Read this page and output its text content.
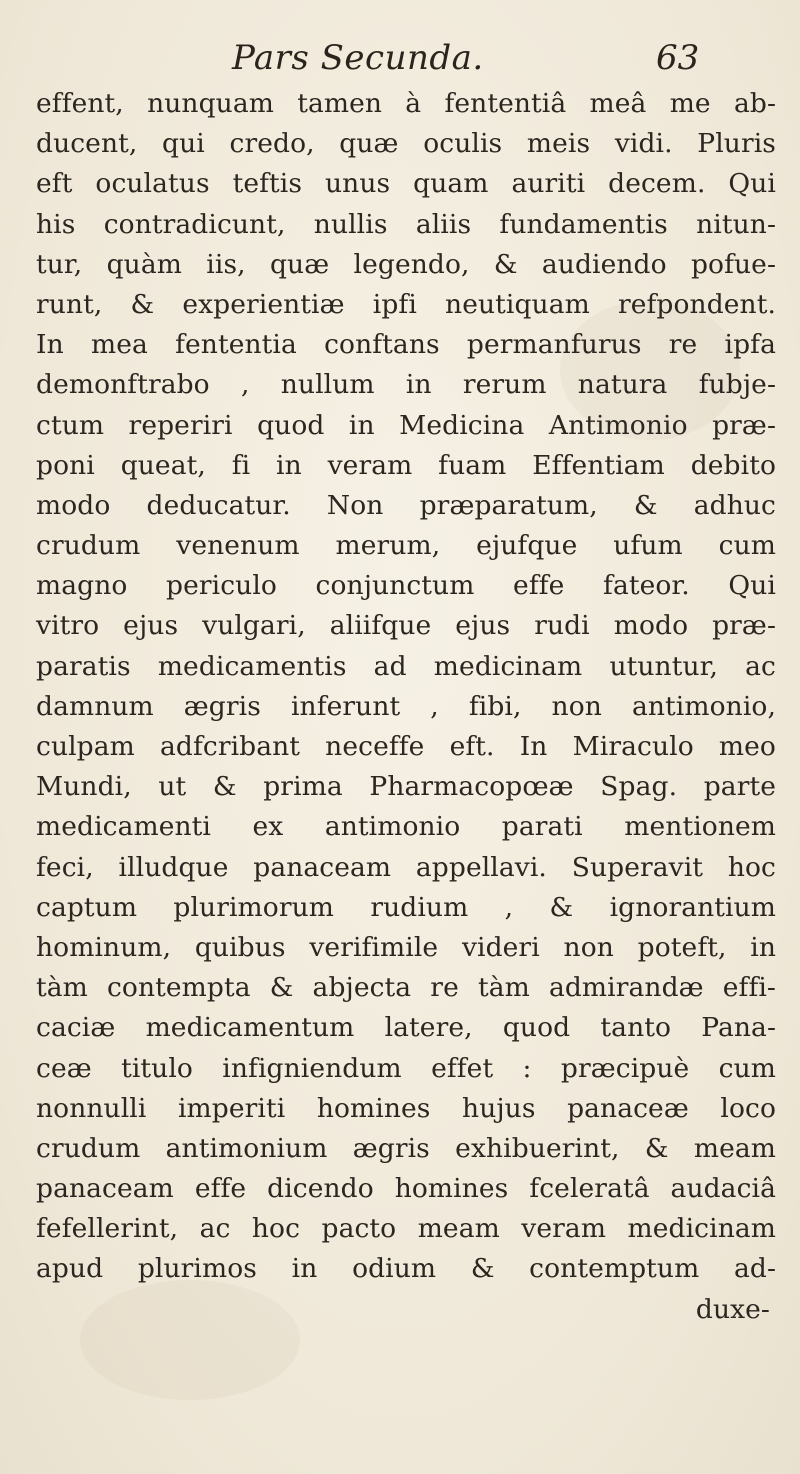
Pars Secunda.	63
effent, nunquam tamen à fententiâ meâ me ab-
ducent, qui credo, quæ oculis meis vidi. Pluris
eft oculatus teftis unus quam auriti decem. Qui
his contradicunt, nullis aliis fundamentis nitun-
tur, quàm iis, quæ legendo, & audiendo pofue-
runt, & experientiæ ipfi neutiquam refpondent.
In mea fententia conftans permanfurus re ipfa
demonftrabo , nullum in rerum natura fubje-
ctum reperiri quod in Medicina Antimonio præ-
poni queat, fi in veram fuam Effentiam debito
modo deducatur. Non præparatum, & adhuc
crudum venenum merum, ejufque ufum cum
magno periculo conjunctum effe fateor. Qui
vitro ejus vulgari, aliifque ejus rudi modo præ-
paratis medicamentis ad medicinam utuntur, ac
damnum ægris inferunt , fibi, non antimonio,
culpam adfcribant neceffe eft. In Miraculo meo
Mundi, ut & prima Pharmacopœæ Spag. parte
medicamenti ex antimonio parati mentionem
feci, illudque panaceam appellavi. Superavit hoc
captum plurimorum rudium , & ignorantium
hominum, quibus verifimile videri non poteft, in
tàm contempta & abjecta re tàm admirandæ effi-
caciæ medicamentum latere, quod tanto Pana-
ceæ titulo infigniendum effet : præcipuè cum
nonnulli imperiti homines hujus panaceæ loco
crudum antimonium ægris exhibuerint, & meam
panaceam effe dicendo homines fceleratâ audaciâ
fefellerint, ac hoc pacto meam veram medicinam
apud plurimos in odium & contemptum ad-
duxe-
